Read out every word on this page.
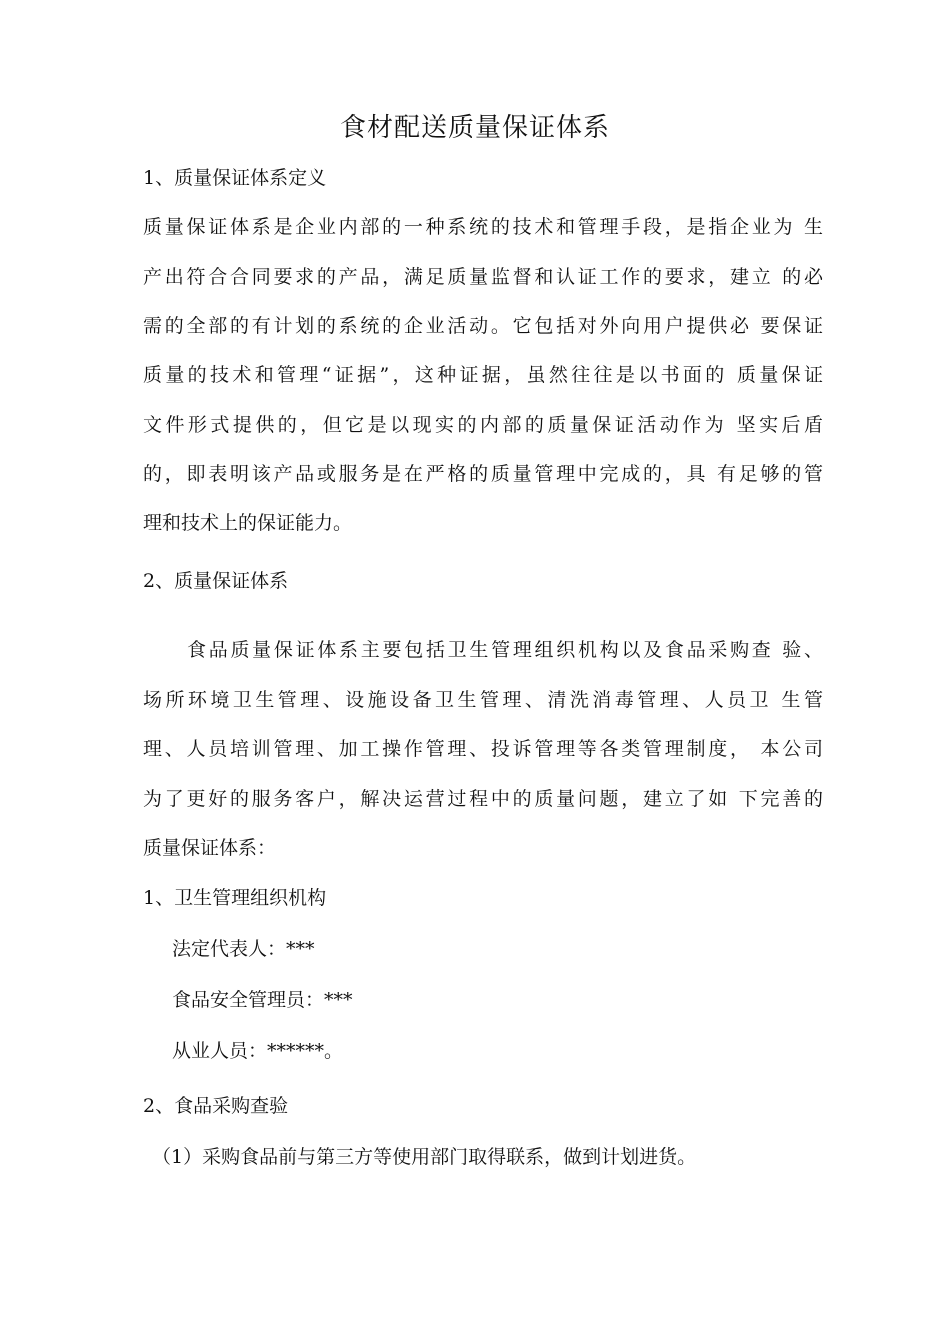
食材配送质量保证体系
1、质量保证体系定义
质量保证体系是企业内部的一种系统的技术和管理手段，是指企业为 生
产出符合合同要求的产品，满足质量监督和认证工作的要求，建立 的必
需的全部的有计划的系统的企业活动。它包括对外向用户提供必 要保证
质量的技术和管理“证据”，这种证据，虽然往往是以书面的 质量保证
文件形式提供的，但它是以现实的内部的质量保证活动作为 坚实后盾
的，即表明该产品或服务是在严格的质量管理中完成的，具 有足够的管
理和技术上的保证能力。
2、质量保证体系
食品质量保证体系主要包括卫生管理组织机构以及食品采购查 验、
场所环境卫生管理、设施设备卫生管理、清洗消毒管理、人员卫 生管
理、人员培训管理、加工操作管理、投诉管理等各类管理制度， 本公司
为了更好的服务客户，解决运营过程中的质量问题，建立了如 下完善的
质量保证体系：
1、卫生管理组织机构
法定代表人：***
食品安全管理员：***
从业人员：******。
2、食品采购查验
（1）采购食品前与第三方等使用部门取得联系，做到计划进货。
